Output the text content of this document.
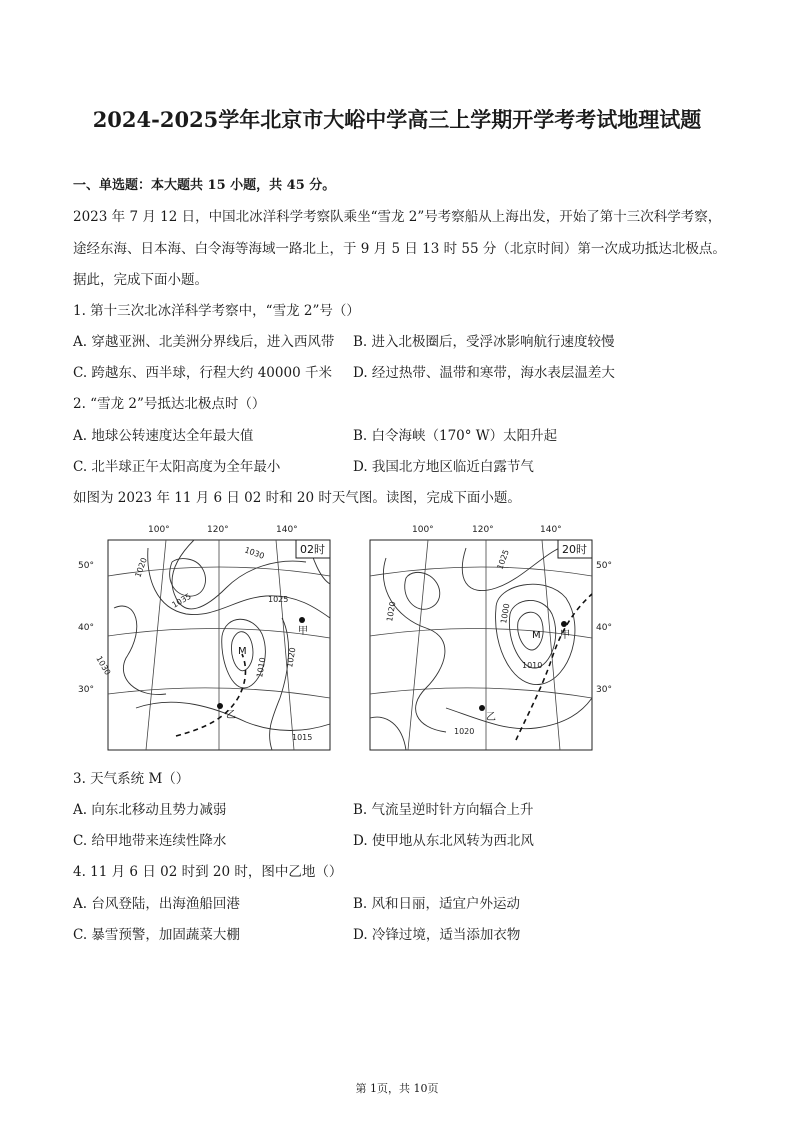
2024-2025学年北京市大峪中学高三上学期开学考考试地理试题
一、单选题：本大题共 15 小题，共 45 分。
2023 年 7 月 12 日，中国北冰洋科学考察队乘坐“雪龙 2”号考察船从上海出发，开始了第十三次科学考察，
途经东海、日本海、白令海等海域一路北上，于 9 月 5 日 13 时 55 分（北京时间）第一次成功抵达北极点。
据此，完成下面小题。
1. 第十三次北冰洋科学考察中，“雪龙 2”号（）
A. 穿越亚洲、北美洲分界线后，进入西风带 B. 进入北极圈后，受浮冰影响航行速度较慢
C. 跨越东、西半球，行程大约 40000 千米 D. 经过热带、温带和寒带，海水表层温差大
2. “雪龙 2”号抵达北极点时（）
A. 地球公转速度达全年最大值	B. 白令海峡（170° W）太阳升起
C. 北半球正午太阳高度为全年最小	D. 我国北方地区临近白露节气
如图为 2023 年 11 月 6 日 02 时和 20 时天气图。读图，完成下面小题。
100°	120°	140°
50°
40°
30°
1030
1020
1035	1025
1030	1020
1010
1015
02时
M
甲
乙
100°	120°	140°
50°
40°
30°
1025
1020	1000
1010
1020
20时
M 甲
乙
3. 天气系统 M（）
A. 向东北移动且势力减弱	B. 气流呈逆时针方向辐合上升
C. 给甲地带来连续性降水	D. 使甲地从东北风转为西北风
4. 11 月 6 日 02 时到 20 时，图中乙地（）
A. 台风登陆，出海渔船回港	B. 风和日丽，适宜户外运动
C. 暴雪预警，加固蔬菜大棚	D. 冷锋过境，适当添加衣物
第 1页，共 10页
